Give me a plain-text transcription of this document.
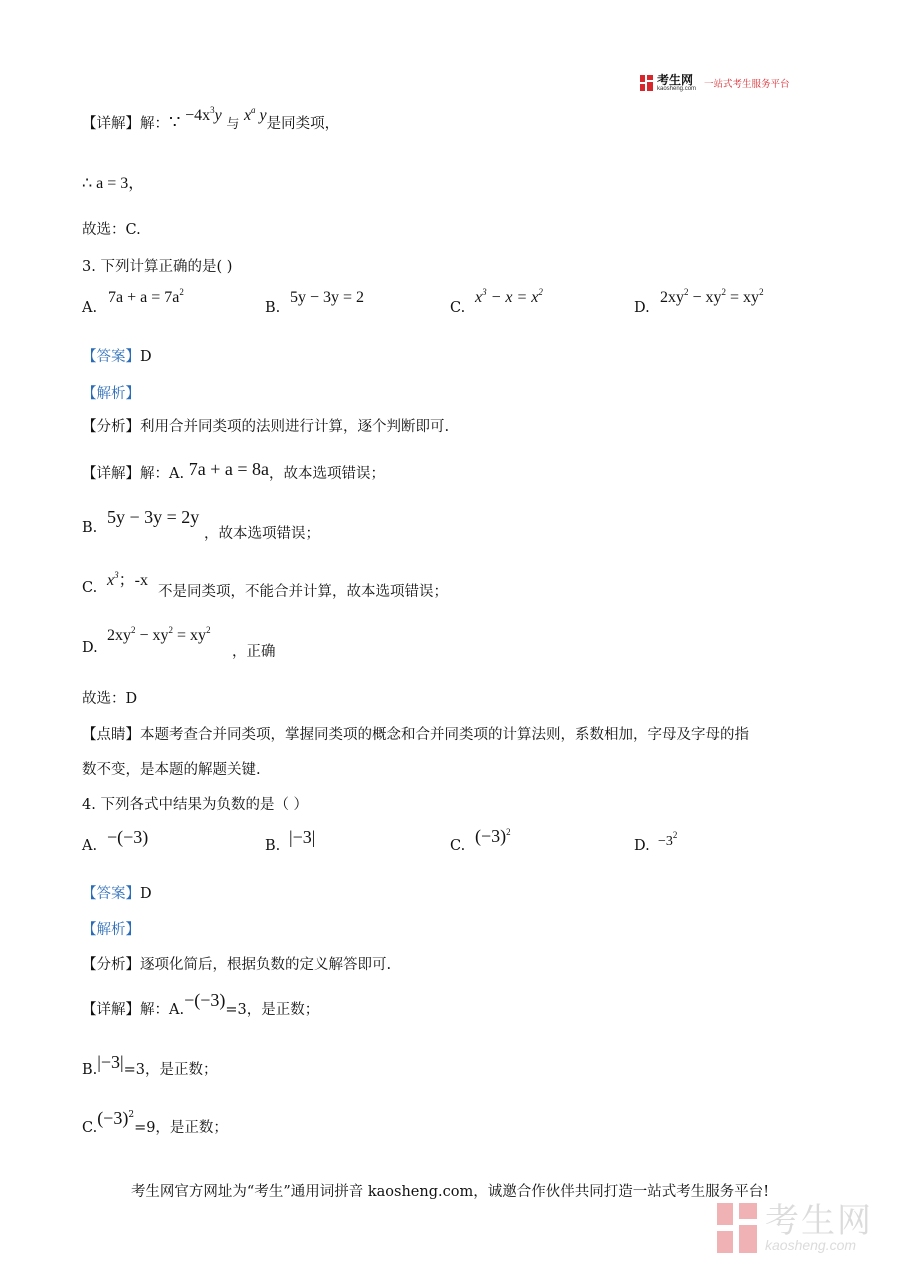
考生网
kaosheng.com 一站式考生服务平台
【详解】解：∵ $-4x^3y$ 与 $x^a$ y是同类项，
∴ a = 3，
故选：C.
3. 下列计算正确的是( )
A.
$7a + a = 7a^2$
B.
5y − 3y = 2
C.
$x^3 - x = x^2$
D.
$2xy^2 - xy^2 = xy^2$
【答案】D
【解析】
【分析】利用合并同类项的法则进行计算，逐个判断即可.
【详解】解：A. 7a + a = 8a，故本选项错误；
B.
5y − 3y = 2y
，故本选项错误；
C. $x^3$；-x
不是同类项，不能合并计算，故本选项错误；
D.
$2xy^2 - xy^2 = xy^2$
，正确
故选：D
【点睛】本题考查合并同类项，掌握同类项的概念和合并同类项的计算法则，系数相加，字母及字母的指
数不变，是本题的解题关键.
4. 下列各式中结果为负数的是（ ）
A. −(−3)	B. |−3|	C. $(-3)^2$
D. $-3^2$
【答案】D
【解析】
【分析】逐项化简后，根据负数的定义解答即可.
【详解】解：A.−(−3)=3，是正数；
B.|−3|=3，是正数；
$C.(-3)^2=9$，是正数；
考生网官方网址为“考生”通用词拼音 kaosheng.com，诚邀合作伙伴共同打造一站式考生服务平台!
考生网
kaosheng.com
